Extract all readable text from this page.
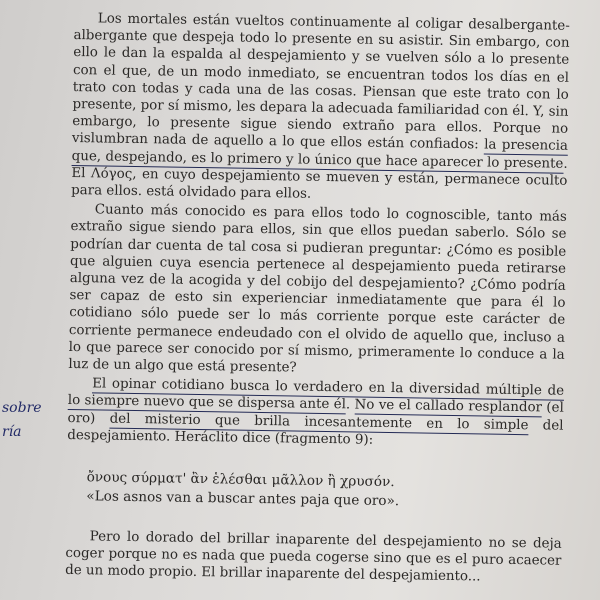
Los mortales están vueltos continuamente al coligar desalbergante-albergante que despeja todo lo presente en su asistir. Sin embargo, con ello le dan la espalda al despejamiento y se vuelven sólo a lo presente con el que, de un modo inmediato, se encuentran todos los días en el trato con todas y cada una de las cosas. Piensan que este trato con lo presente, por sí mismo, les depara la adecuada familiaridad con él. Y, sin embargo, lo presente sigue siendo extraño para ellos. Porque no vislumbran nada de aquello a lo que ellos están confiados: la presencia que, despejando, es lo primero y lo único que hace aparecer lo presente. El Λόγος, en cuyo despejamiento se mueven y están, permanece oculto para ellos. está olvidado para ellos.

Cuanto más conocido es para ellos todo lo cognoscible, tanto más extraño sigue siendo para ellos, sin que ellos puedan saberlo. Sólo se podrían dar cuenta de tal cosa si pudieran preguntar: ¿Cómo es posible que alguien cuya esencia pertenece al despejamiento pueda retirarse alguna vez de la acogida y del cobijo del despejamiento? ¿Cómo podría ser capaz de esto sin experienciar inmediatamente que para él lo cotidiano sólo puede ser lo más corriente porque este carácter de corriente permanece endeudado con el olvido de aquello que, incluso a lo que parece ser conocido por sí mismo, primeramente lo conduce a la luz de un algo que está presente?

El opinar cotidiano busca lo verdadero en la diversidad múltiple de lo siempre nuevo que se dispersa ante él. No ve el callado resplandor (el oro) del misterio que brilla incesantemente en lo simple del despejamiento. Heráclito dice (fragmento 9):

ὄνους σύρματ' ἂν ἑλέσθαι μᾶλλον ἢ χρυσόν.
«Los asnos van a buscar antes paja que oro».

Pero lo dorado del brillar inaparente del despejamiento no se deja coger porque no es nada que pueda cogerse sino que es el puro acaecer de un modo propio. El brillar inaparente del despejamiento...

sobre
ría
